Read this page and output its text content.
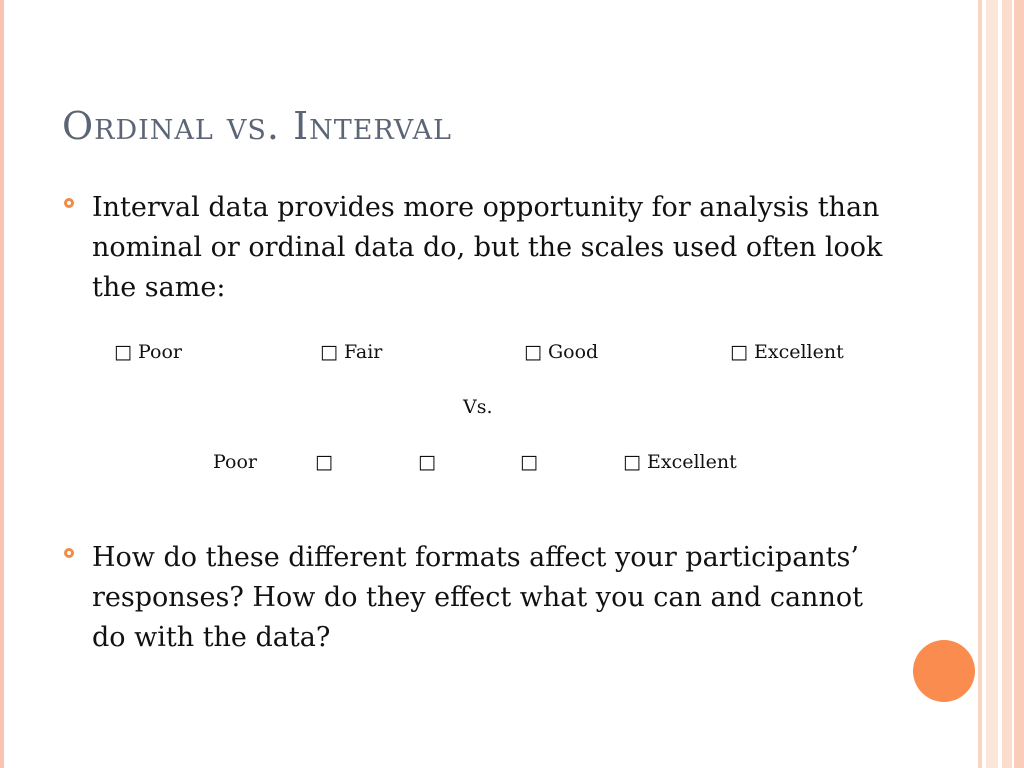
Ordinal vs. Interval
Interval data provides more opportunity for analysis than nominal or ordinal data do, but the scales used often look the same:
□ Poor	□ Fair	□ Good	□ Excellent
Vs.
Poor	□	□	□	□ Excellent
How do these different formats affect your participants’ responses? How do they effect what you can and cannot do with the data?
